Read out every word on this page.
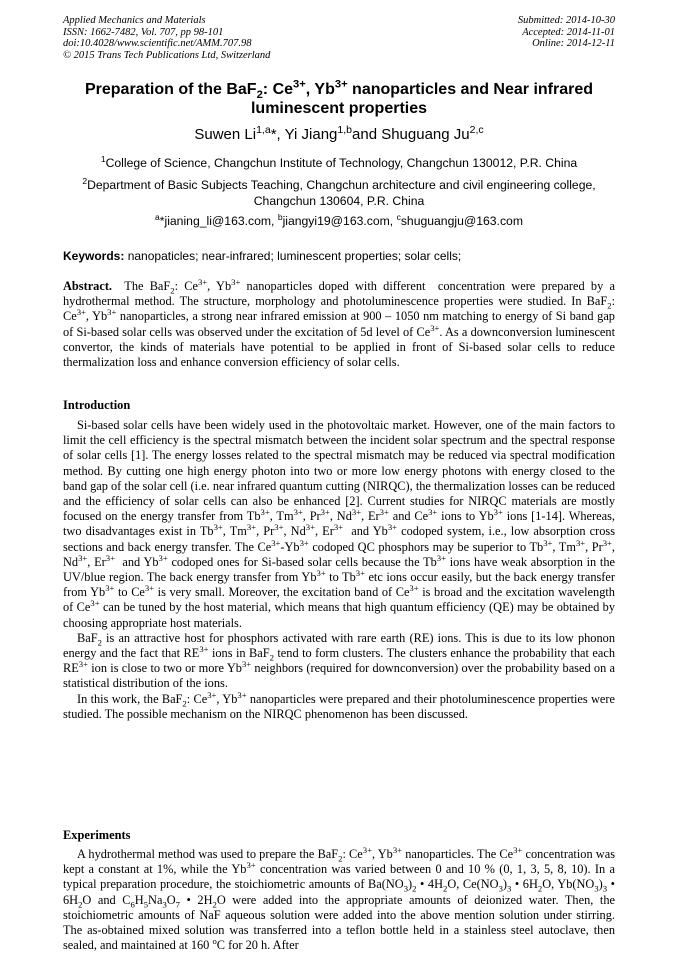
Applied Mechanics and Materials
ISSN: 1662-7482, Vol. 707, pp 98-101
doi:10.4028/www.scientific.net/AMM.707.98
© 2015 Trans Tech Publications Ltd, Switzerland
Submitted: 2014-10-30
Accepted: 2014-11-01
Online: 2014-12-11
Preparation of the BaF$_2$: $Ce^{3+}$, $Yb^{3+}$ nanoparticles and Near infrared luminescent properties
Suwen Li$^{1,a}$*, Yi Jiang$^{1,b}$and Shuguang Ju$^{2,c}$
$^1$College of Science, Changchun Institute of Technology, Changchun 130012, P.R. China
$^2$Department of Basic Subjects Teaching, Changchun architecture and civil engineering college, Changchun 130604, P.R. China
$^a$*jianing_li@163.com, $^b$jiangyi19@163.com, $^c$shuguangju@163.com
Keywords: nanopaticles; near-infrared; luminescent properties; solar cells;
Abstract.  The BaF$_2$: $Ce^{3+}$, $Yb^{3+}$ nanoparticles doped with different  concentration were prepared by a hydrothermal method. The structure, morphology and photoluminescence properties were studied. In BaF$_2$: $Ce^{3+}$, $Yb^{3+}$ nanoparticles, a strong near infrared emission at 900 – 1050 nm matching to energy of Si band gap of Si-based solar cells was observed under the excitation of 5d level of $Ce^{3+}$. As a downconversion luminescent convertor, the kinds of materials have potential to be applied in front of Si-based solar cells to reduce thermalization loss and enhance conversion efficiency of solar cells.
Introduction

Si-based solar cells have been widely used in the photovoltaic market. However, one of the main factors to limit the cell efficiency is the spectral mismatch between the incident solar spectrum and the spectral response of solar cells [1]. The energy losses related to the spectral mismatch may be reduced via spectral modification method. By cutting one high energy photon into two or more low energy photons with energy closed to the band gap of the solar cell (i.e. near infrared quantum cutting (NIRQC), the thermalization losses can be reduced and the efficiency of solar cells can also be enhanced [2]. Current studies for NIRQC materials are mostly focused on the energy transfer from $Tb^{3+}$, $Tm^{3+}$, $Pr^{3+}$, $Nd^{3+}$, $Er^{3+}$ and $Ce^{3+}$ ions to $Yb^{3+}$ ions [1-14]. Whereas, two disadvantages exist in $Tb^{3+}$, $Tm^{3+}$, $Pr^{3+}$, $Nd^{3+}$, $Er^{3+}$  and $Yb^{3+}$ codoped system, i.e., low absorption cross sections and back energy transfer. The $Ce^{3+}-Yb^{3+}$ codoped QC phosphors may be superior to $Tb^{3+}$, $Tm^{3+}$, $Pr^{3+}$, $Nd^{3+}$, $Er^{3+}$  and $Yb^{3+}$ codoped ones for Si-based solar cells because the $Tb^{3+}$ ions have weak absorption in the UV/blue region. The back energy transfer from $Yb^{3+}$ to $Tb^{3+}$ etc ions occur easily, but the back energy transfer from $Yb^{3+}$ to $Ce^{3+}$ is very small. Moreover, the excitation band of $Ce^{3+}$ is broad and the excitation wavelength of $Ce^{3+}$ can be tuned by the host material, which means that high quantum efficiency (QE) may be obtained by choosing appropriate host materials.

BaF$_2$ is an attractive host for phosphors activated with rare earth (RE) ions. This is due to its low phonon energy and the fact that $RE^{3+}$ ions in BaF$_2$ tend to form clusters. The clusters enhance the probability that each $RE^{3+}$ ion is close to two or more $Yb^{3+}$ neighbors (required for downconversion) over the probability based on a statistical distribution of the ions.

In this work, the BaF$_2$: $Ce^{3+}$, $Yb^{3+}$ nanoparticles were prepared and their photoluminescence properties were studied. The possible mechanism on the NIRQC phenomenon has been discussed.

Experiments

A hydrothermal method was used to prepare the BaF$_2$: $Ce^{3+}$, $Yb^{3+}$ nanoparticles. The $Ce^{3+}$ concentration was kept a constant at 1%, while the $Yb^{3+}$ concentration was varied between 0 and 10 % (0, 1, 3, 5, 8, 10). In a typical preparation procedure, the stoichiometric amounts of $Ba(NO_3)_2$ • $4H_2O$, $Ce(NO_3)_3$ • $6H_2O$, $Yb(NO_3)_3$ • $6H_2O$ and $C_6H_5Na_3O_7$ • $2H_2O$ were added into the appropriate amounts of deionized water. Then, the stoichiometric amounts of NaF aqueous solution were added into the above mention solution under stirring. The as-obtained mixed solution was transferred into a teflon bottle held in a stainless steel autoclave, then sealed, and maintained at 160 $^o$C for 20 h. After
